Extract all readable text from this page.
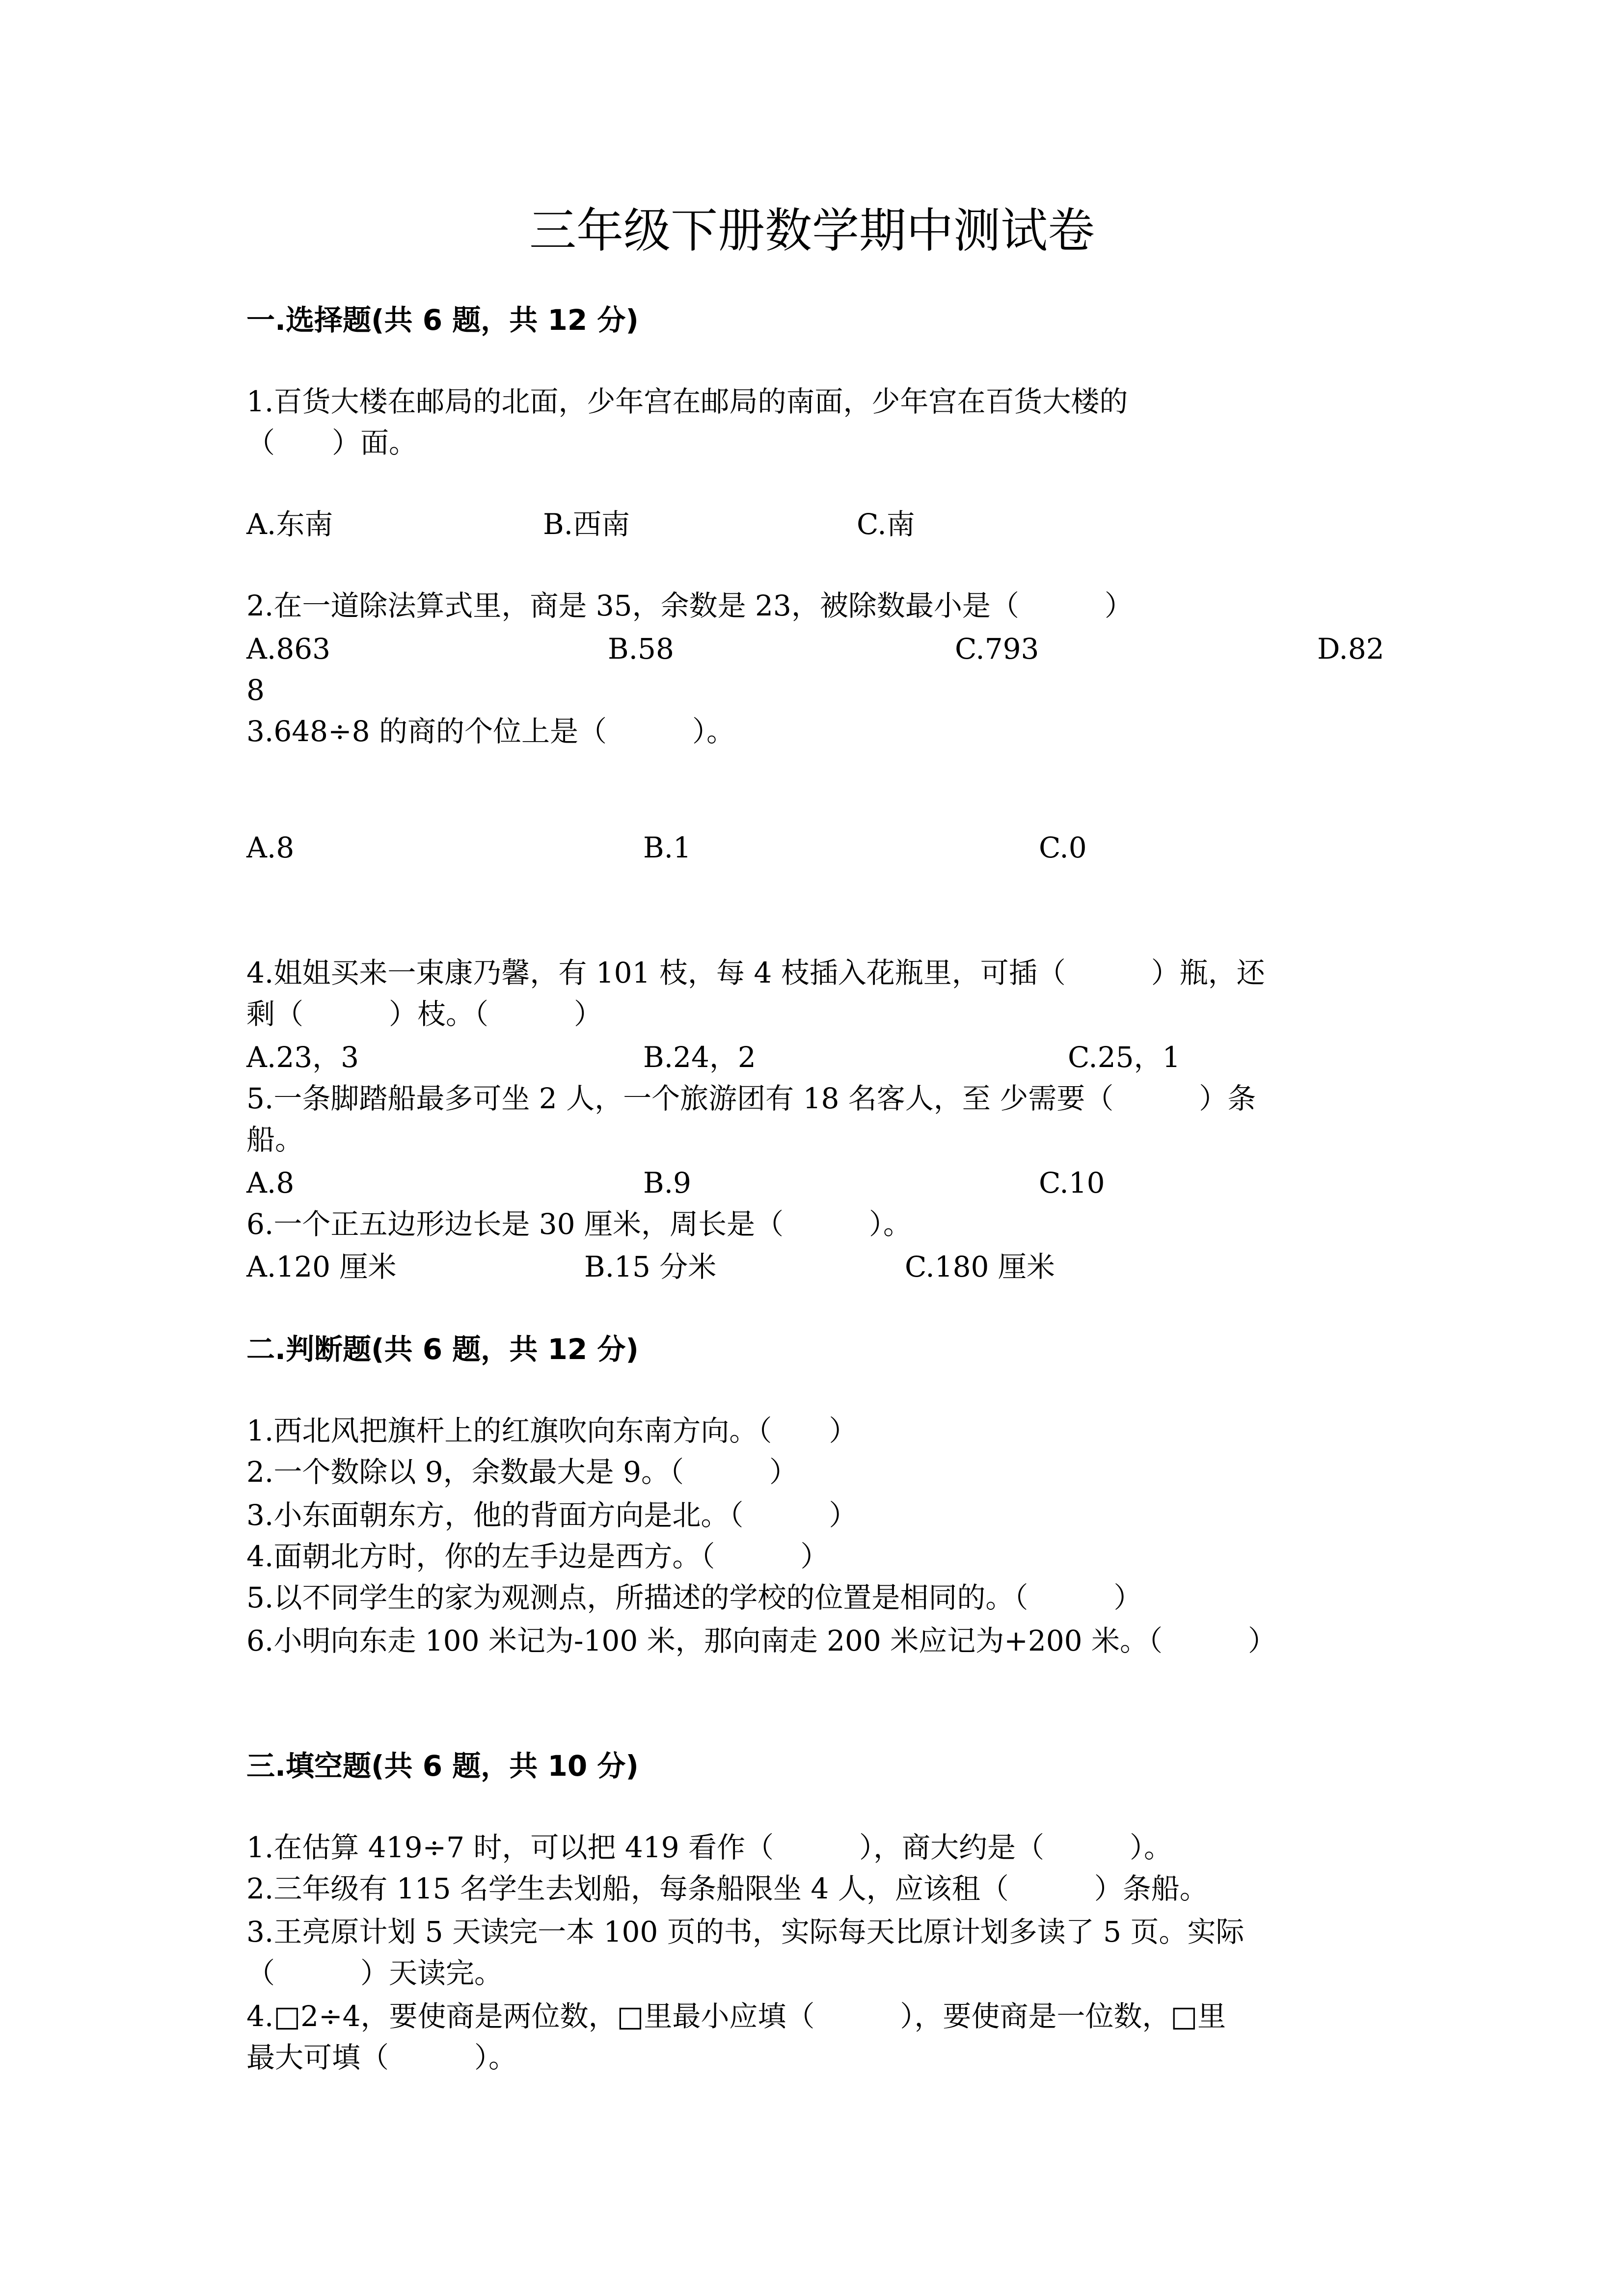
三年级下册数学期中测试卷
一.选择题(共 6 题，共 12 分)
1.百货大楼在邮局的北面，少年宫在邮局的南面，少年宫在百货大楼的
（　　）面。
A.东南	B.西南	C.南
2.在一道除法算式里，商是 35，余数是 23，被除数最小是（　　　）
A.863	B.58	C.793	D.82
8
3.648÷8 的商的个位上是（　　　）。
A.8	B.1	C.0
4.姐姐买来一束康乃馨，有 101 枝，每 4 枝插入花瓶里，可插（　　　）瓶，还
剩（　　　）枝。（　　　）
A.23，3	B.24，2	C.25，1
5.一条脚踏船最多可坐 2 人，一个旅游团有 18 名客人，至 少需要（　　　）条
船。
A.8	B.9	C.10
6.一个正五边形边长是 30 厘米，周长是（　　　）。
A.120 厘米	B.15 分米	C.180 厘米
二.判断题(共 6 题，共 12 分)
1.西北风把旗杆上的红旗吹向东南方向。（　　）
2.一个数除以 9，余数最大是 9。（　　　）
3.小东面朝东方，他的背面方向是北。（　　　）
4.面朝北方时，你的左手边是西方。（　　　）
5.以不同学生的家为观测点，所描述的学校的位置是相同的。（　　　）
6.小明向东走 100 米记为-100 米，那向南走 200 米应记为+200 米。（　　　）
三.填空题(共 6 题，共 10 分)
1.在估算 419÷7 时，可以把 419 看作（　　　），商大约是（　　　）。
2.三年级有 115 名学生去划船，每条船限坐 4 人，应该租（　　　）条船。
3.王亮原计划 5 天读完一本 100 页的书，实际每天比原计划多读了 5 页。实际
（　　　）天读完。
4.□2÷4，要使商是两位数，□里最小应填（　　　），要使商是一位数，□里
最大可填（　　　）。
